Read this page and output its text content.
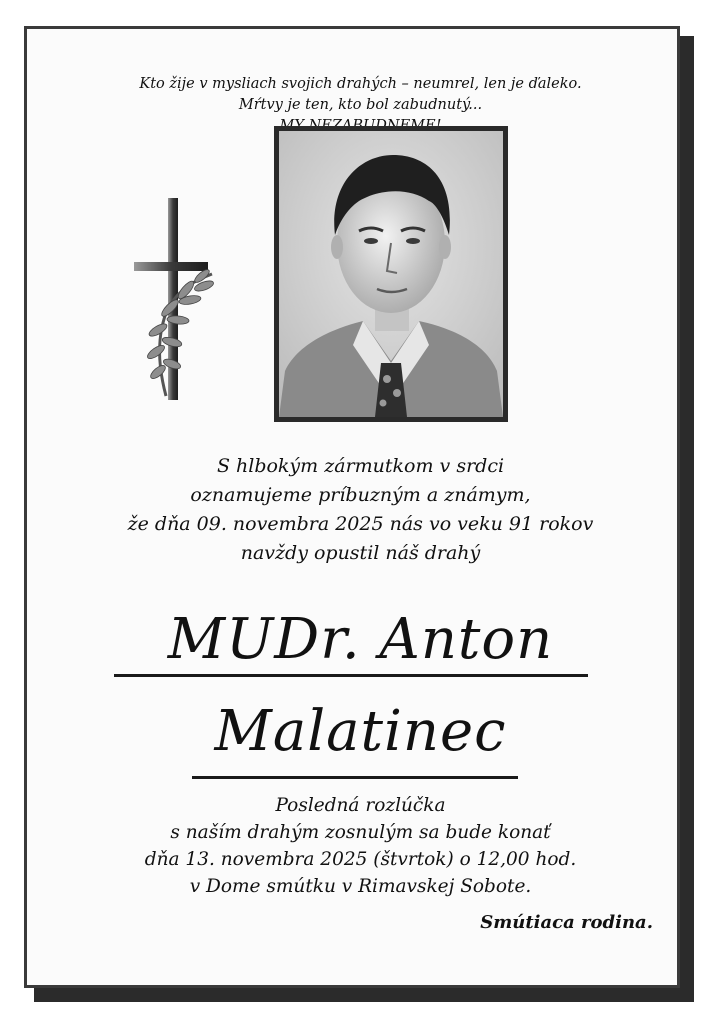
Kto žije v mysliach svojich drahých – neumrel, len je ďaleko.
Mŕtvy je ten, kto bol zabudnutý...
S hlbokým zármutkom v srdci
oznamujeme príbuzným a známym,
že dňa 09. novembra 2025 nás vo veku 91 rokov
navždy opustil náš drahý
MUDr. Anton
Malatinec
Posledná rozlúčka
s naším drahým zosnulým sa bude konať
dňa 13. novembra 2025 (štvrtok) o 12,00 hod.
v Dome smútku v Rimavskej Sobote.
Smútiaca rodina.
